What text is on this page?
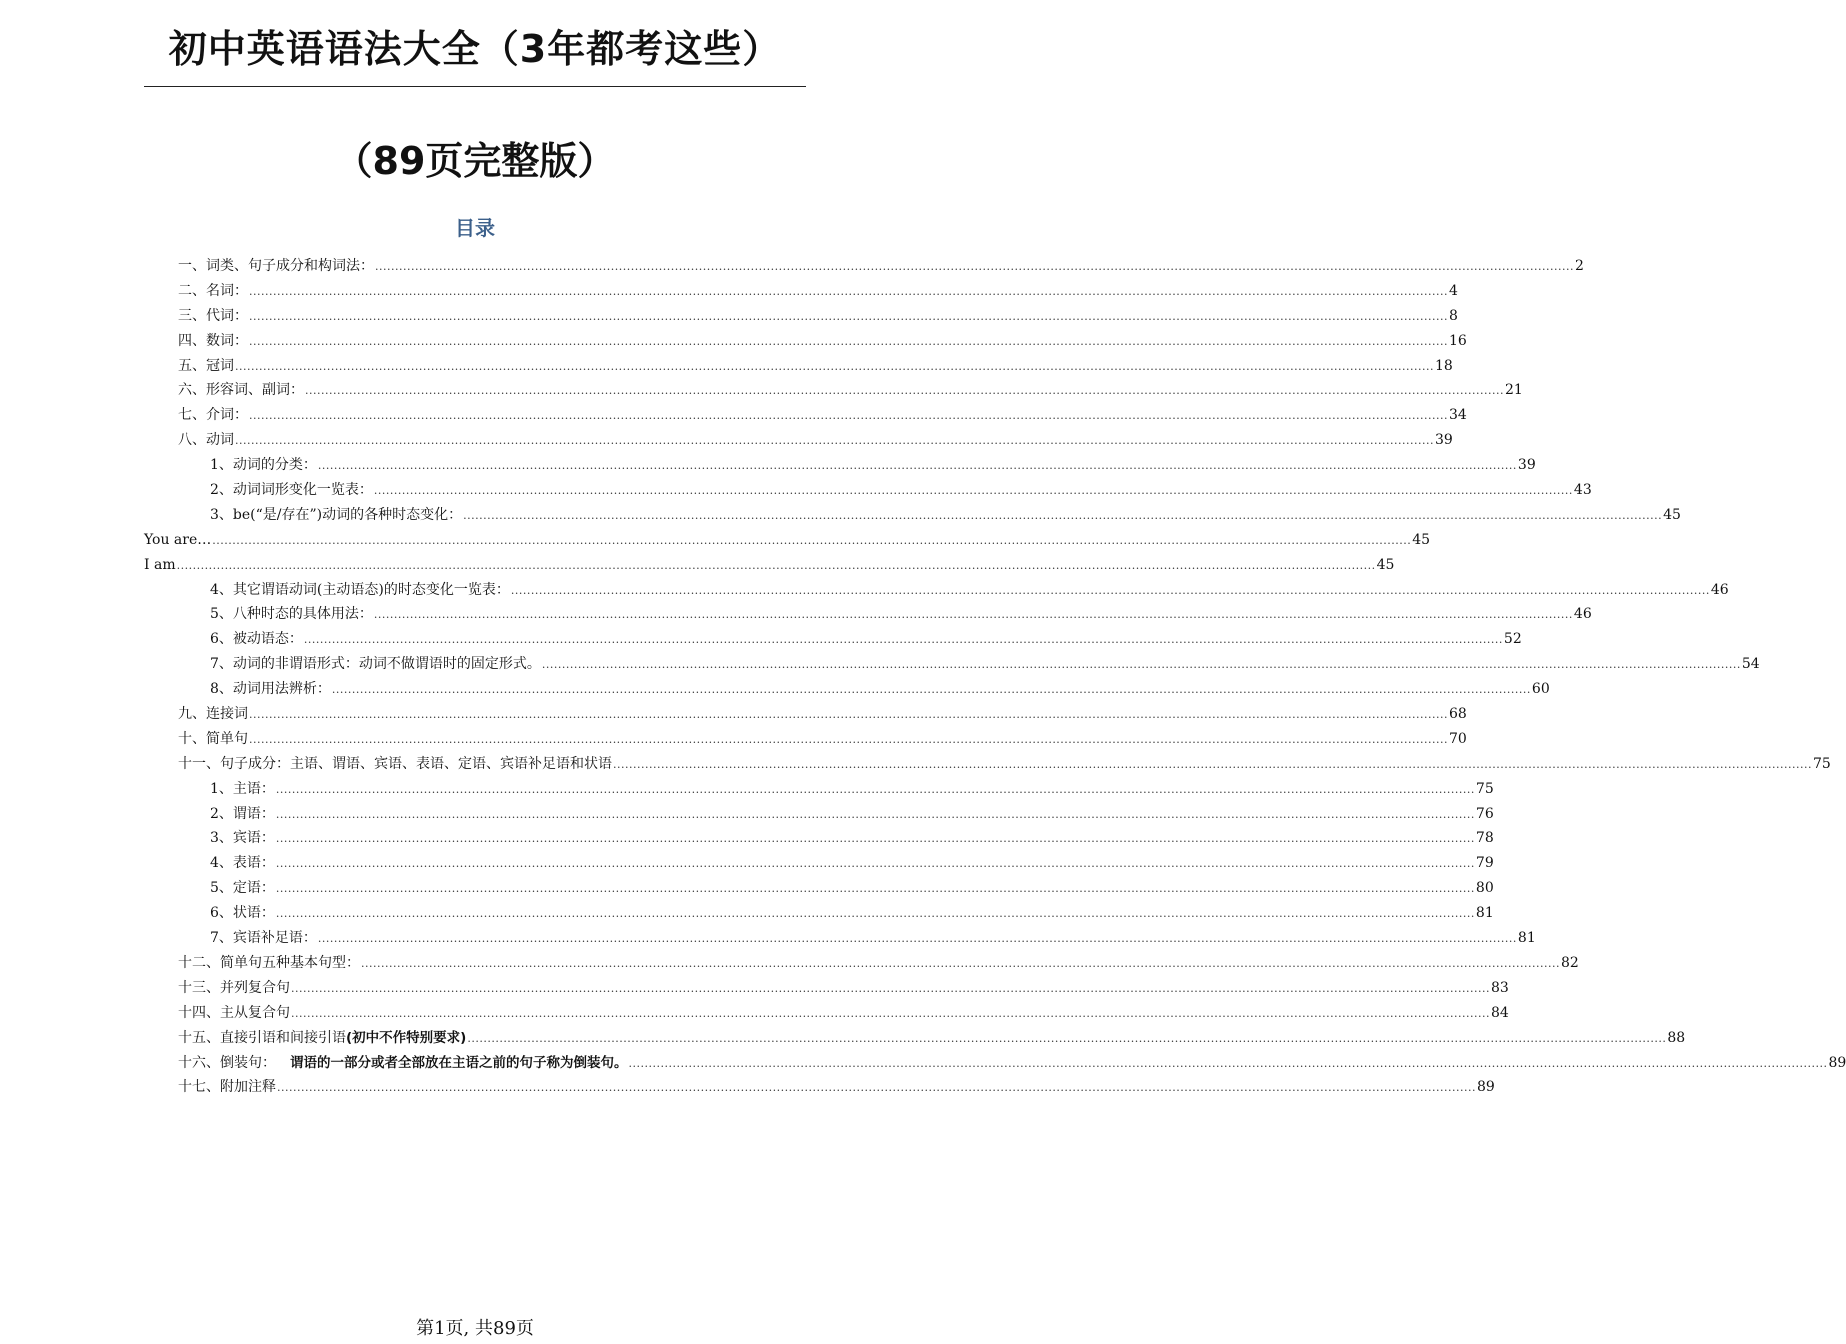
初中英语语法大全（3年都考这些）
（89页完整版）
目录
一、词类、句子成分和构词法： ............................................................................................................................................................................................................................................................................................................ 2
二、名词： ............................................................................................................................................................................................................................................................................................................ 4
三、代词： ............................................................................................................................................................................................................................................................................................................ 8
四、数词： ............................................................................................................................................................................................................................................................................................................ 16
五、冠词 ............................................................................................................................................................................................................................................................................................................ 18
六、形容词、副词： ............................................................................................................................................................................................................................................................................................................ 21
七、介词： ............................................................................................................................................................................................................................................................................................................ 34
八、动词 ............................................................................................................................................................................................................................................................................................................ 39
1、动词的分类： ............................................................................................................................................................................................................................................................................................................ 39
2、动词词形变化一览表： ............................................................................................................................................................................................................................................................................................................ 43
3、be(“是/存在”)动词的各种时态变化： ............................................................................................................................................................................................................................................................................................................ 45
You are… ............................................................................................................................................................................................................................................................................................................ 45
I am ............................................................................................................................................................................................................................................................................................................ 45
4、其它谓语动词(主动语态)的时态变化一览表： ............................................................................................................................................................................................................................................................................................................ 46
5、八种时态的具体用法： ............................................................................................................................................................................................................................................................................................................ 46
6、被动语态： ............................................................................................................................................................................................................................................................................................................ 52
7、动词的非谓语形式：动词不做谓语时的固定形式。 ............................................................................................................................................................................................................................................................................................................ 54
8、动词用法辨析： ............................................................................................................................................................................................................................................................................................................ 60
九、连接词 ............................................................................................................................................................................................................................................................................................................ 68
十、简单句 ............................................................................................................................................................................................................................................................................................................ 70
十一、句子成分：主语、谓语、宾语、表语、定语、宾语补足语和状语 ............................................................................................................................................................................................................................................................................................................ 75
1、主语： ............................................................................................................................................................................................................................................................................................................ 75
2、谓语： ............................................................................................................................................................................................................................................................................................................ 76
3、宾语： ............................................................................................................................................................................................................................................................................................................ 78
4、表语： ............................................................................................................................................................................................................................................................................................................ 79
5、定语： ............................................................................................................................................................................................................................................................................................................ 80
6、状语： ............................................................................................................................................................................................................................................................................................................ 81
7、宾语补足语： ............................................................................................................................................................................................................................................................................................................ 81
十二、简单句五种基本句型： ............................................................................................................................................................................................................................................................................................................ 82
十三、并列复合句 ............................................................................................................................................................................................................................................................................................................ 83
十四、主从复合句 ............................................................................................................................................................................................................................................................................................................ 84
十五、直接引语和间接引语(初中不作特别要求) ............................................................................................................................................................................................................................................................................................................ 88
十六、倒装句： 谓语的一部分或者全部放在主语之前的句子称为倒装句。 ............................................................................................................................................................................................................................................................................................................ 89
十七、附加注释 ............................................................................................................................................................................................................................................................................................................ 89
第1页, 共89页
